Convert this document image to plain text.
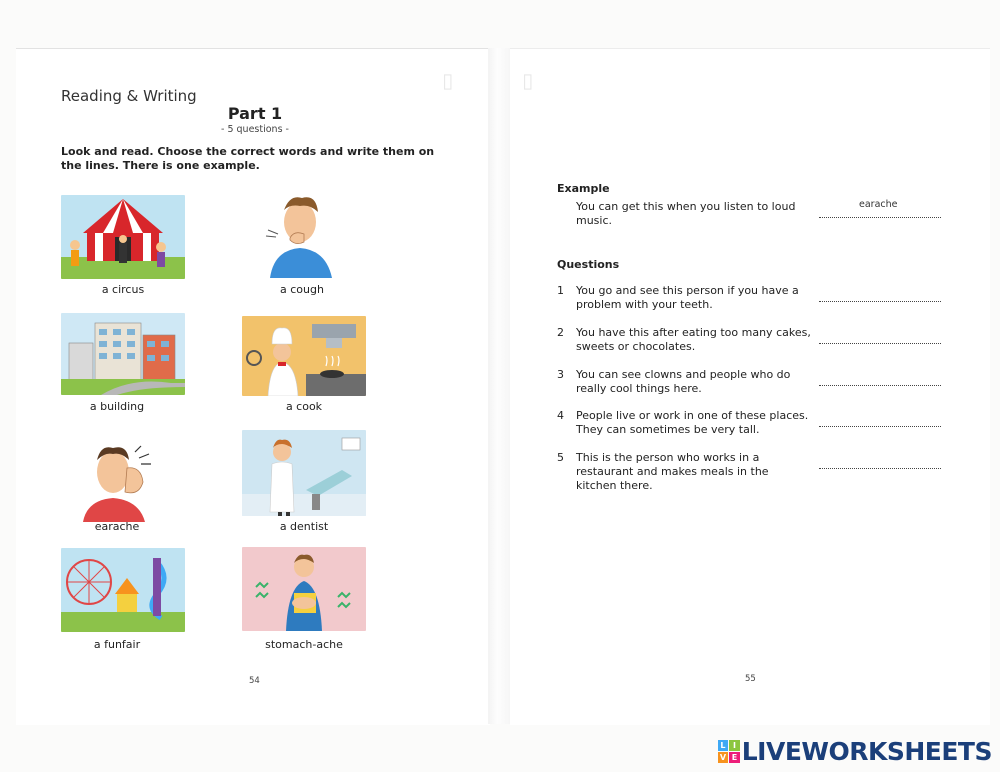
▭	▭
Reading & Writing
Part 1
- 5 questions -
Look and read. Choose the correct words and write them on the lines. There is one example.
a circus	a cough
a building	a cook
earache	a dentist
a funfair	stomach-ache
54
Example
You can get this when you listen to loud music.
earache
Questions
1	You go and see this person if you have a problem with your teeth.
2	You have this after eating too many cakes, sweets or chocolates.
3	You can see clowns and people who do really cool things here.
4	People live or work in one of these places. They can sometimes be very tall.
5	This is the person who works in a restaurant and makes meals in the kitchen there.
55
L I
V E LIVEWORKSHEETS
